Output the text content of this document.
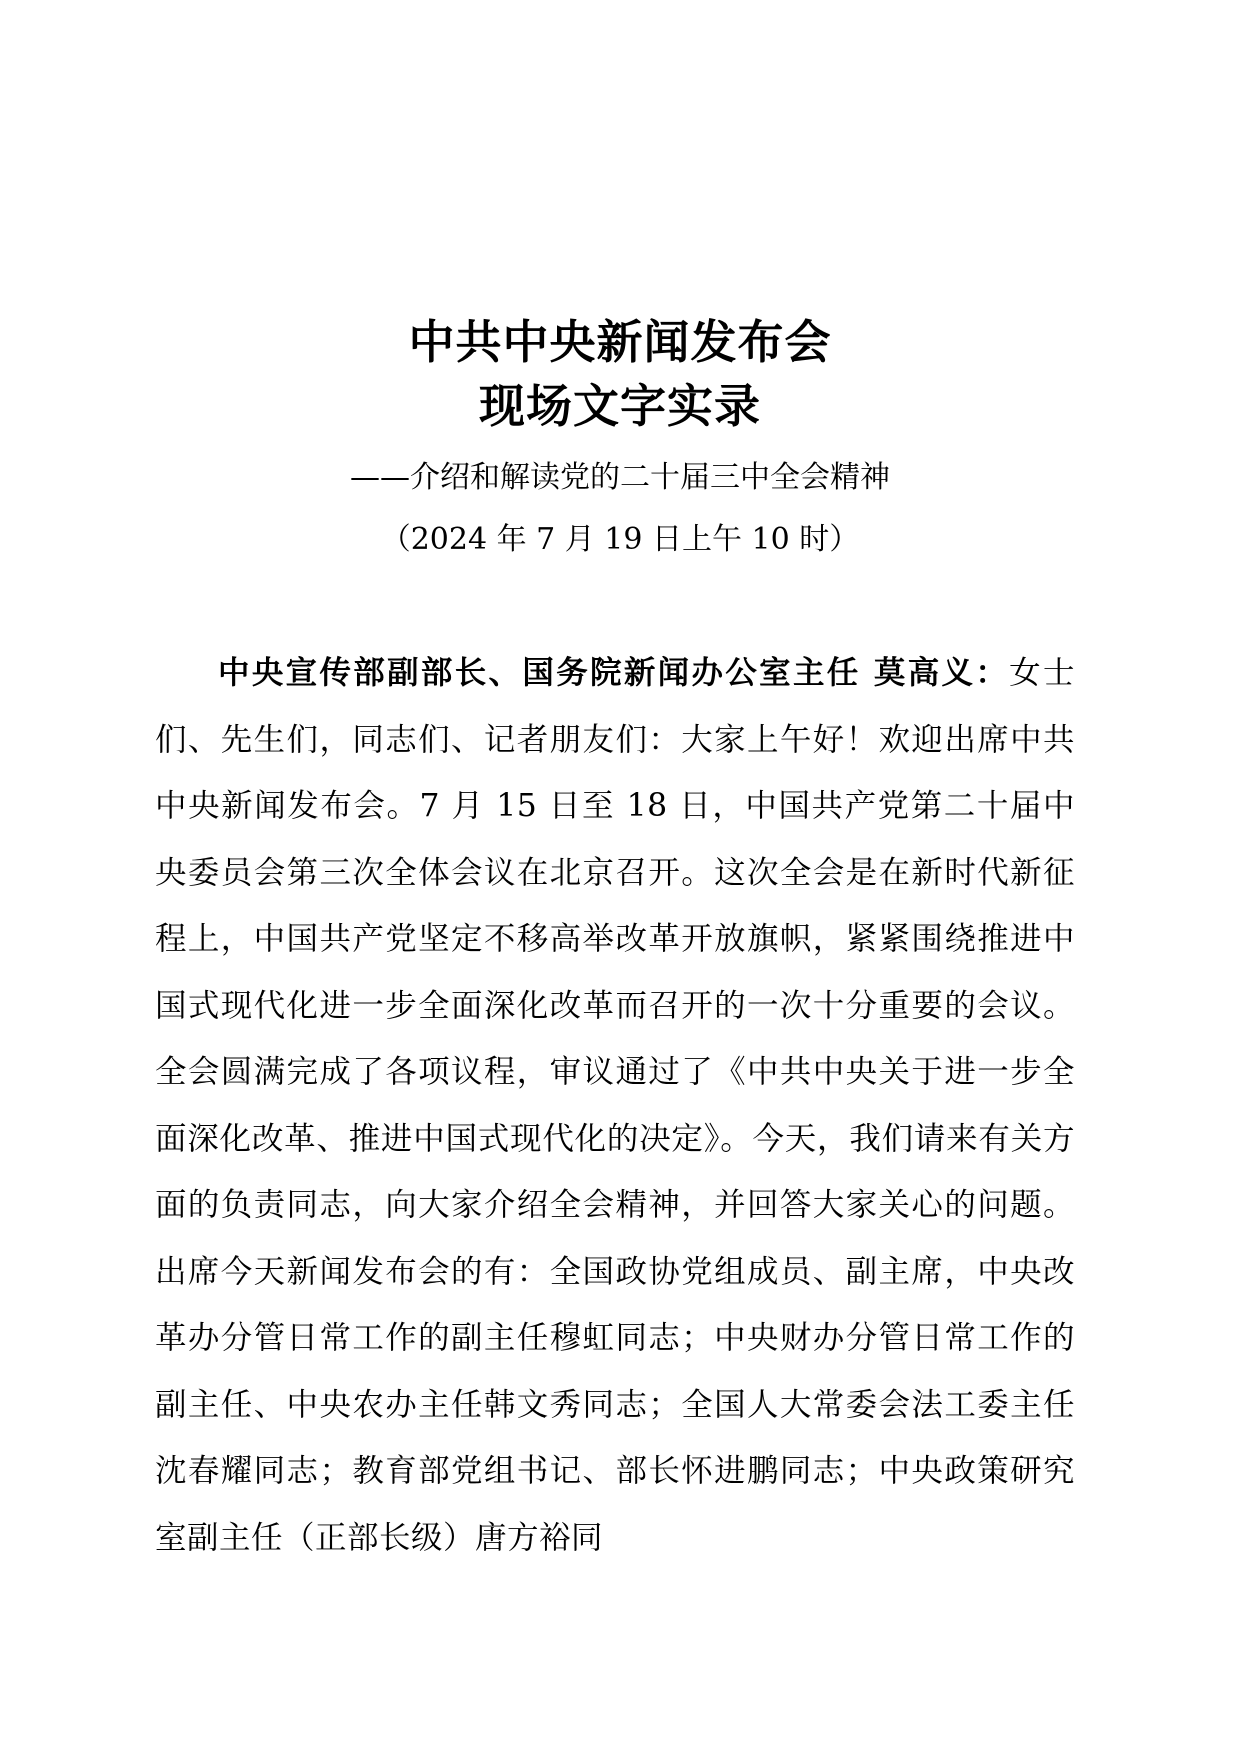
中共中央新闻发布会
现场文字实录

——介绍和解读党的二十届三中全会精神

（2024 年 7 月 19 日上午 10 时）

中央宣传部副部长、国务院新闻办公室主任 莫高义：女士们、先生们，同志们、记者朋友们：大家上午好！欢迎出席中共中央新闻发布会。7 月 15 日至 18 日，中国共产党第二十届中央委员会第三次全体会议在北京召开。这次全会是在新时代新征程上，中国共产党坚定不移高举改革开放旗帜，紧紧围绕推进中国式现代化进一步全面深化改革而召开的一次十分重要的会议。全会圆满完成了各项议程，审议通过了《中共中央关于进一步全面深化改革、推进中国式现代化的决定》。今天，我们请来有关方面的负责同志，向大家介绍全会精神，并回答大家关心的问题。出席今天新闻发布会的有：全国政协党组成员、副主席，中央改革办分管日常工作的副主任穆虹同志；中央财办分管日常工作的副主任、中央农办主任韩文秀同志；全国人大常委会法工委主任沈春耀同志；教育部党组书记、部长怀进鹏同志；中央政策研究室副主任（正部长级）唐方裕同
